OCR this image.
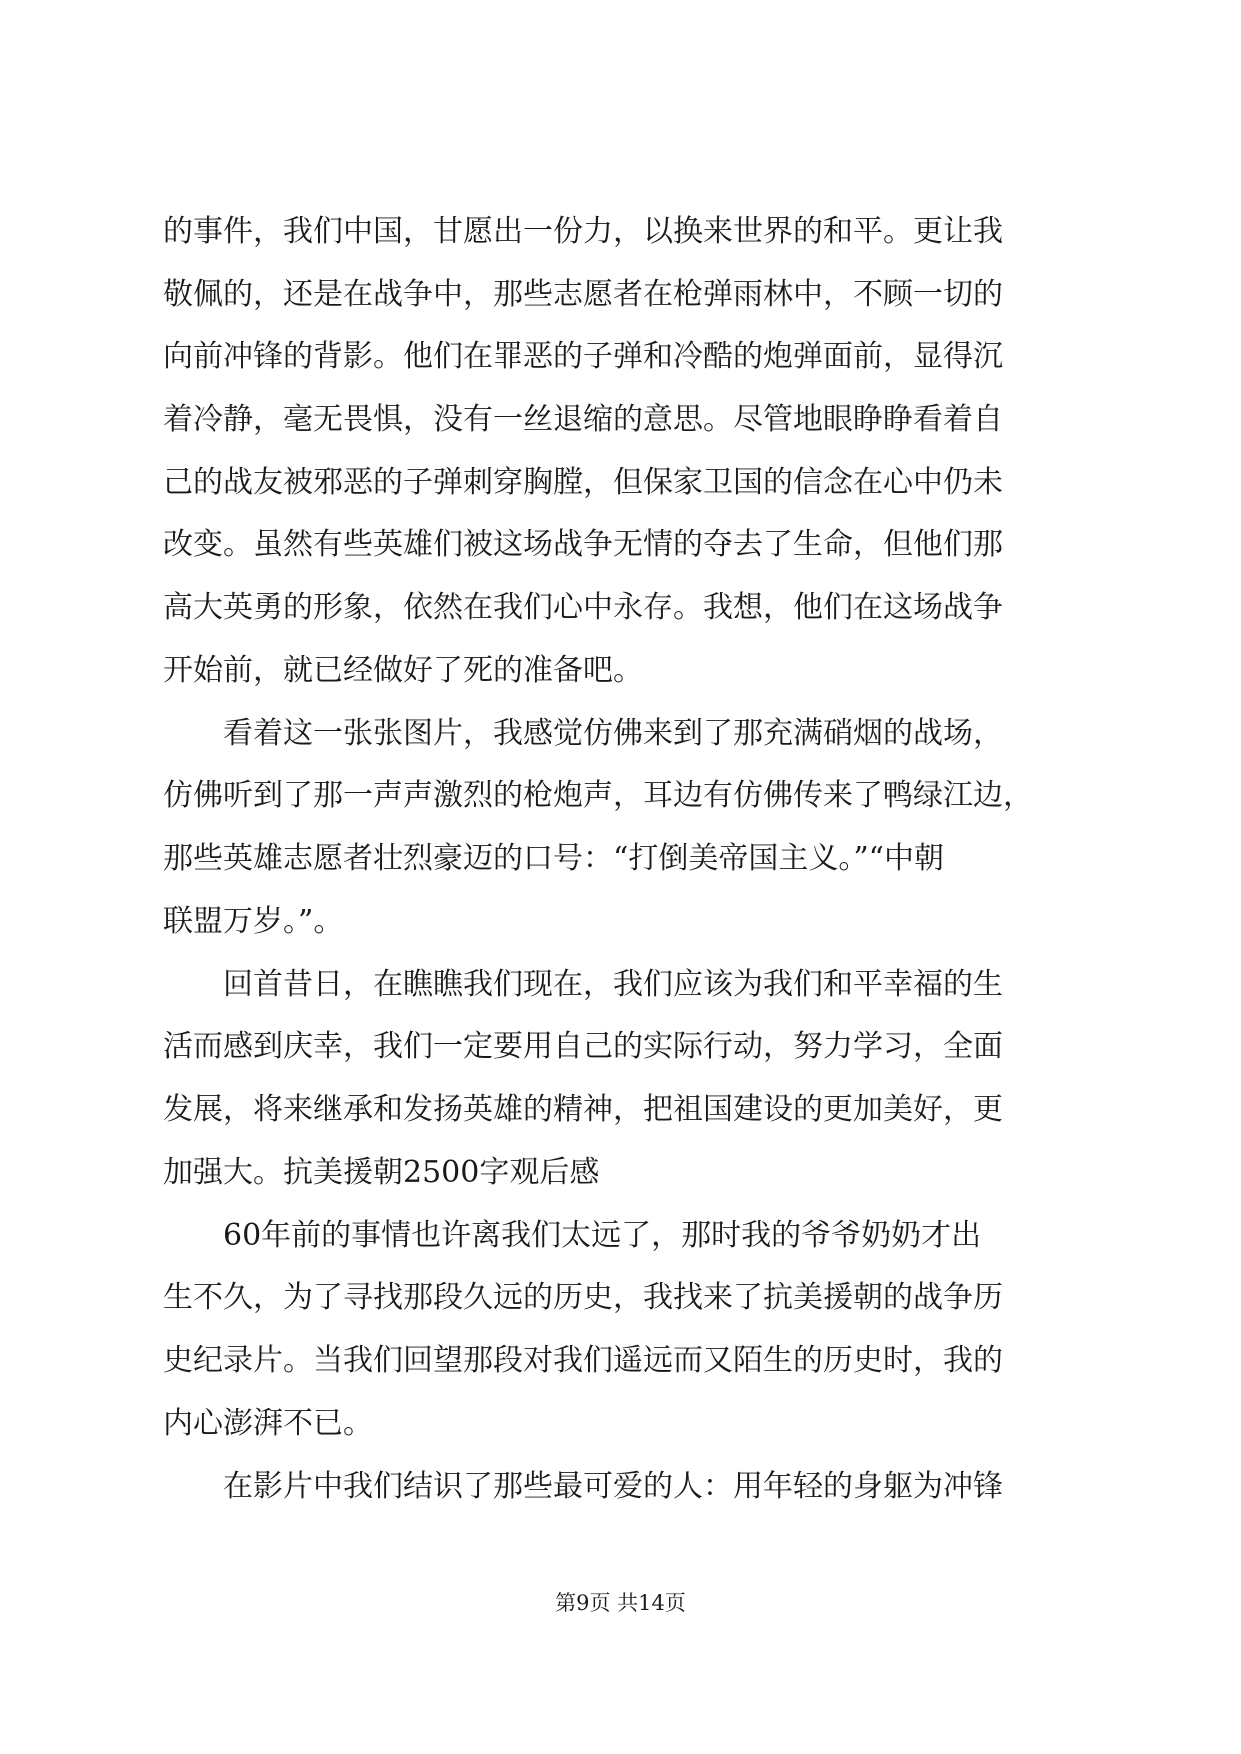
的事件，我们中国，甘愿出一份力，以换来世界的和平。更让我
敬佩的，还是在战争中，那些志愿者在枪弹雨林中，不顾一切的
向前冲锋的背影。他们在罪恶的子弹和冷酷的炮弹面前，显得沉
着冷静，毫无畏惧，没有一丝退缩的意思。尽管地眼睁睁看着自
己的战友被邪恶的子弹刺穿胸膛，但保家卫国的信念在心中仍未
改变。虽然有些英雄们被这场战争无情的夺去了生命，但他们那
高大英勇的形象，依然在我们心中永存。我想，他们在这场战争
开始前，就已经做好了死的准备吧。
看着这一张张图片，我感觉仿佛来到了那充满硝烟的战场，
仿佛听到了那一声声激烈的枪炮声，耳边有仿佛传来了鸭绿江边，
那些英雄志愿者壮烈豪迈的口号：“打倒美帝国主义。”“中朝
联盟万岁。”。
回首昔日，在瞧瞧我们现在，我们应该为我们和平幸福的生
活而感到庆幸，我们一定要用自己的实际行动，努力学习，全面
发展，将来继承和发扬英雄的精神，把祖国建设的更加美好，更
加强大。抗美援朝2500字观后感
60年前的事情也许离我们太远了，那时我的爷爷奶奶才出
生不久，为了寻找那段久远的历史，我找来了抗美援朝的战争历
史纪录片。当我们回望那段对我们遥远而又陌生的历史时，我的
内心澎湃不已。
在影片中我们结识了那些最可爱的人：用年轻的身躯为冲锋
第9页 共14页
